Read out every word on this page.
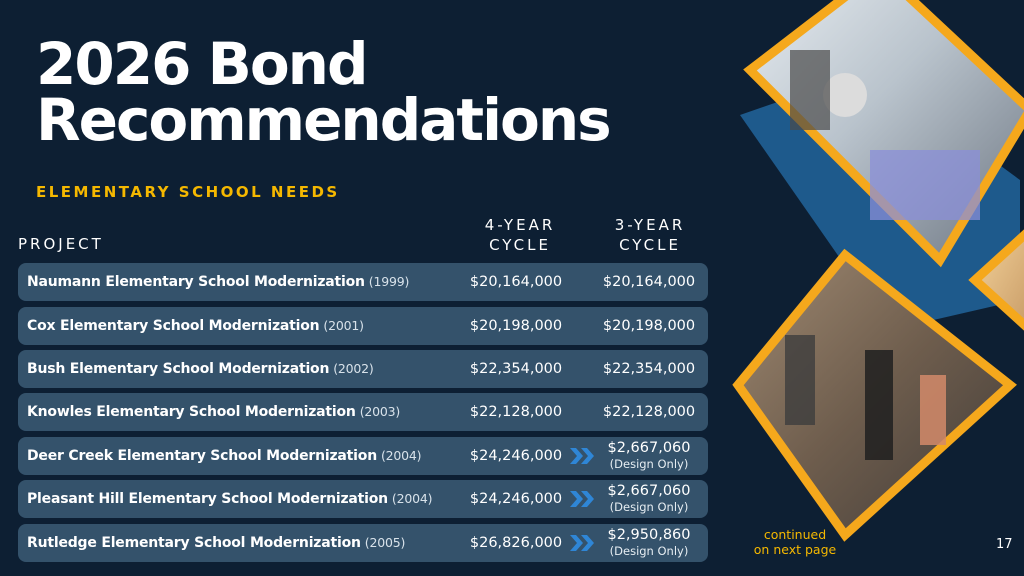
2026 Bond Recommendations
ELEMENTARY SCHOOL NEEDS
PROJECT
4-YEAR CYCLE
3-YEAR CYCLE
Naumann Elementary School Modernization (1999)	$20,164,000	$20,164,000
Cox Elementary School Modernization (2001)	$20,198,000	$20,198,000
Bush Elementary School Modernization (2002)	$22,354,000	$22,354,000
Knowles Elementary School Modernization (2003)	$22,128,000	$22,128,000
Deer Creek Elementary School Modernization (2004)	$24,246,000	$2,667,060
(Design Only)
Pleasant Hill Elementary School Modernization (2004)	$24,246,000	$2,667,060
(Design Only)
Rutledge Elementary School Modernization (2005)	$26,826,000	$2,950,860
(Design Only)
continued
on next page	17
